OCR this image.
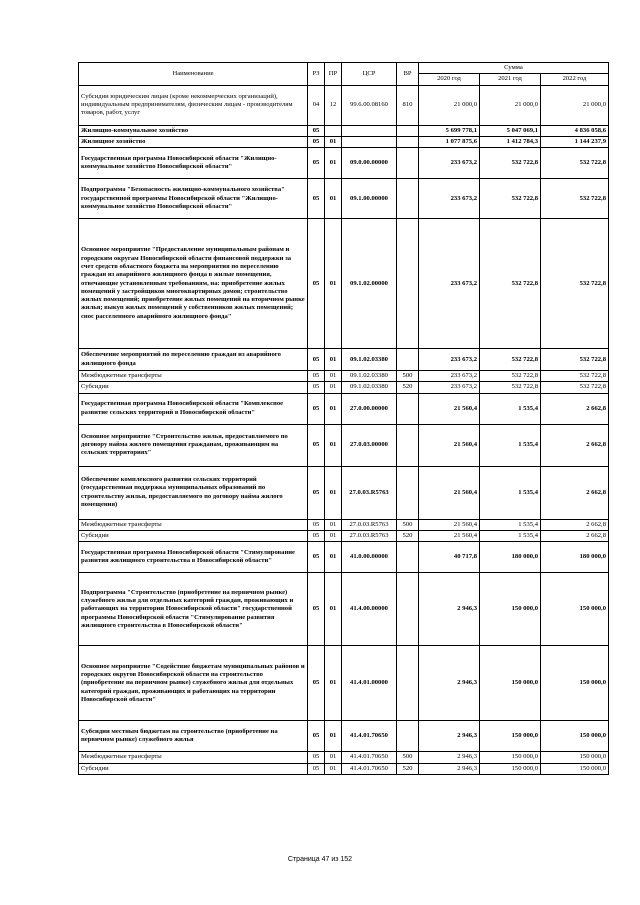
Наименование	РЗ	ПР	ЦСР	ВР	Сумма		
					2020 год	2021 год	2022 год
Субсидии юридическим лицам (кроме некоммерческих организаций), индивидуальным предпринимателям, физическим лицам - производителям товаров, работ, услуг	04	12	99.6.00.08160	810	21 000,0	21 000,0	21 000,0
Жилищно-коммунальное хозяйство	05				5 699 778,1	5 047 069,1	4 836 058,6
Жилищное хозяйство	05	01			1 077 875,6	1 412 784,3	1 144 237,9
Государственная программа Новосибирской области "Жилищно-коммунальное хозяйство Новосибирской области"	05	01	09.0.00.00000		233 673,2	532 722,8	532 722,8
Подпрограмма "Безопасность жилищно-коммунального хозяйства" государственной программы Новосибирской области "Жилищно-коммунальное хозяйство Новосибирской области"	05	01	09.1.00.00000		233 673,2	532 722,8	532 722,8
Основное мероприятие "Предоставление муниципальным районам и городским округам Новосибирской области финансовой поддержки за счет средств областного бюджета на мероприятия по переселению граждан из аварийного жилищного фонда в жилые помещения, отвечающие установленным требованиям, на: приобретение жилых помещений у застройщиков многоквартирных домов; строительство жилых помещений; приобретение жилых помещений на вторичном рынке жилья; выкуп жилых помещений у собственников жилых помещений; снос расселенного аварийного жилищного фонда"	05	01	09.1.02.00000		233 673,2	532 722,8	532 722,8
Обеспечение мероприятий по переселению граждан из аварийного жилищного фонда	05	01	09.1.02.03380		233 673,2	532 722,8	532 722,8
Межбюджетные трансферты	05	01	09.1.02.03380	500	233 673,2	532 722,8	532 722,8
Субсидии	05	01	09.1.02.03380	520	233 673,2	532 722,8	532 722,8
Государственная программа Новосибирской области "Комплексное развитие сельских территорий в Новосибирской области"	05	01	27.0.00.00000		21 560,4	1 535,4	2 662,8
Основное мероприятие "Строительство жилья, предоставляемого по договору найма жилого помещения гражданам, проживающим на сельских территориях"	05	01	27.0.03.00000		21 560,4	1 535,4	2 662,8
Обеспечение комплексного развития сельских территорий (государственная поддержка муниципальных образований по строительству жилья, предоставляемого по договору найма жилого помещения)	05	01	27.0.03.R5763		21 560,4	1 535,4	2 662,8
Межбюджетные трансферты	05	01	27.0.03.R5763	500	21 560,4	1 535,4	2 662,8
Субсидии	05	01	27.0.03.R5763	520	21 560,4	1 535,4	2 662,8
Государственная программа Новосибирской области "Стимулирование развития жилищного строительства в Новосибирской области"	05	01	41.0.00.00000		40 717,8	180 000,0	180 000,0
Подпрограмма "Строительство (приобретение на первичном рынке) служебного жилья для отдельных категорий граждан, проживающих и работающих на территории Новосибирской области" государственной программы Новосибирской области "Стимулирование развития жилищного строительства в Новосибирской области"	05	01	41.4.00.00000		2 946,3	150 000,0	150 000,0
Основное мероприятие "Содействие бюджетам муниципальных районов и городских округов Новосибирской области на строительство (приобретение на первичном рынке) служебного жилья для отдельных категорий граждан, проживающих и работающих на территории Новосибирской области"	05	01	41.4.01.00000		2 946,3	150 000,0	150 000,0
Субсидии местным бюджетам на строительство (приобретение на первичном рынке) служебного жилья	05	01	41.4.01.70650		2 946,3	150 000,0	150 000,0
Межбюджетные трансферты	05	01	41.4.01.70650	500	2 946,3	150 000,0	150 000,0
Субсидии	05	01	41.4.01.70650	520	2 946,3	150 000,0	150 000,0
Страница 47 из 152
